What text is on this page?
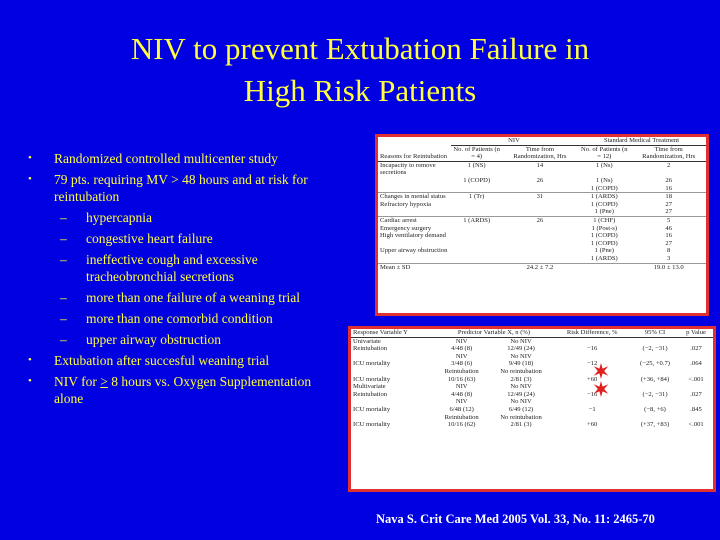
NIV to prevent Extubation Failure in
High Risk Patients
• Randomized controlled multicenter study
• 79 pts. requiring MV > 48 hours and at risk for reintubation
– hypercapnia
– congestive heart failure
– ineffective cough and excessive tracheobronchial secretions
– more than one failure of a weaning trial
– more than one comorbid condition
– upper airway obstruction
• Extubation after succesful weaning trial
• NIV for > 8 hours vs. Oxygen Supplementation alone
	NIV		Standard Medical Treatment	
Reasons for Reintubation	No. of Patients (n = 4)	Time from Randomization, Hrs	No. of Patients (n = 12)	Time from Randomization, Hrs
Incapacity to remove secretions	1 (NS)	14	1 (Ns)	2
	1 (COPD)	26	1 (Ns)	26
			1 (COPD)	16
Changes in mental status	1 (Tr)	31	1 (ARDS)	18
Refractory hypoxia			1 (COPD)	27
			1 (Pne)	27
Cardiac arrest	1 (ARDS)	26	1 (CHF)	5
Emergency surgery			1 (Post-s)	46
High ventilatory demand			1 (COPD)	16
			1 (COPD)	27
Upper airway obstruction			1 (Pne)	8
			1 (ARDS)	3
Mean ± SD		24.2 ± 7.2		19.0 ± 13.0
Response Variable Y	Predictor Variable X, n (%)		Risk Difference, %	95% CI	p Value
Univariate	NIV	No NIV			
Reintubation	4/48 (8)	12/49 (24)	−16	(−2, −31)	.027
	NIV	No NIV			
ICU mortality	3/48 (6)	9/49 (18)	−12	(−25, +0.7)	.064
	Reintubation	No reintubation			
ICU mortality	10/16 (63)	2/81 (3)	+60	(+36, +84)	<.001
Multivariate	NIV	No NIV			
Reintubation	4/48 (8)	12/49 (24)	−16	(−2, −31)	.027
	NIV	No NIV			
ICU mortality	6/48 (12)	6/49 (12)	−1	(−8, +6)	.845
	Reintubation	No reintubation			
ICU mortality	10/16 (62)	2/81 (3)	+60	(+37, +83)	<.001
Nava S. Crit Care Med 2005 Vol. 33, No. 11: 2465-70
